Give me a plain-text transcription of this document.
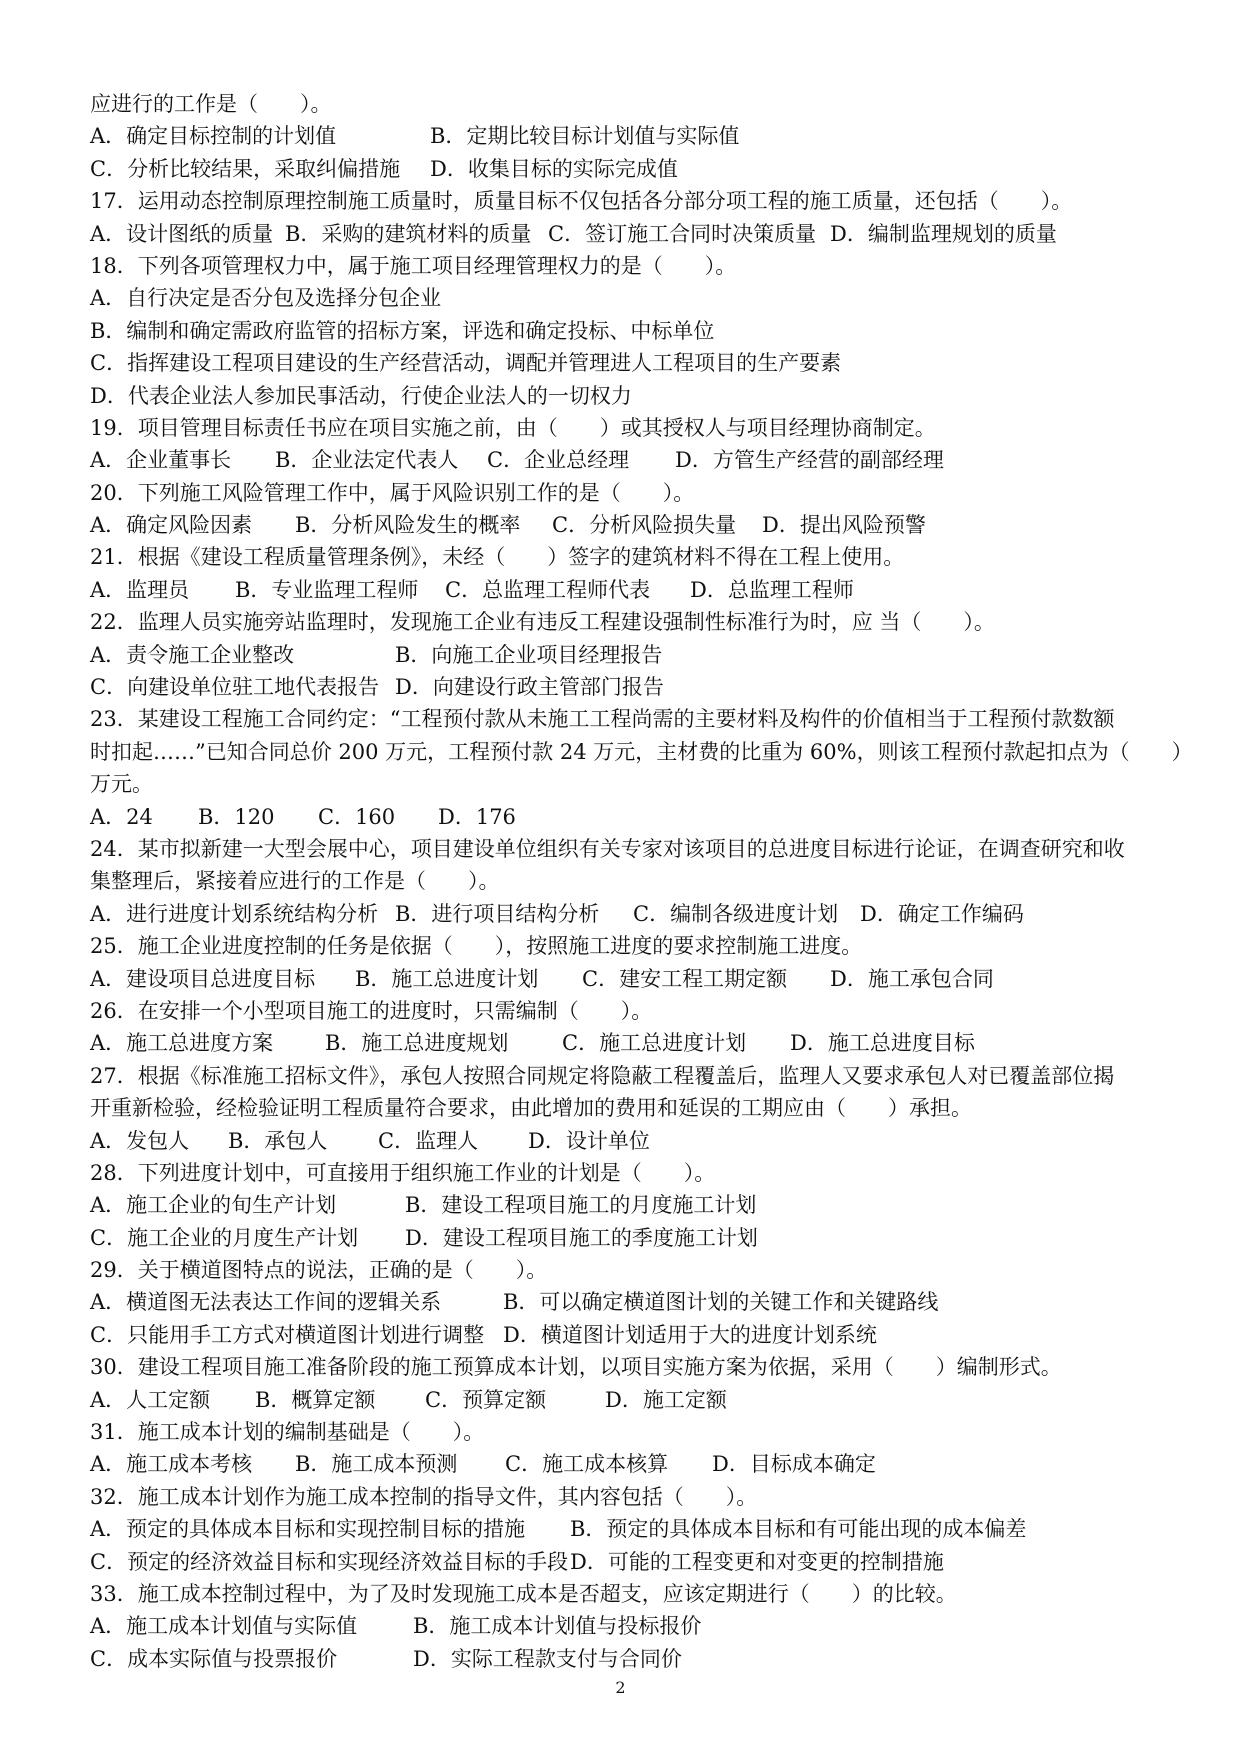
应进行的工作是（　　）。
A．确定目标控制的计划值	B．定期比较目标计划值与实际值
C．分析比较结果，采取纠偏措施 D．收集目标的实际完成值
17．运用动态控制原理控制施工质量时，质量目标不仅包括各分部分项工程的施工质量，还包括（　　）。
A．设计图纸的质量 B．采购的建筑材料的质量 C．签订施工合同时决策质量 D．编制监理规划的质量
18．下列各项管理权力中，属于施工项目经理管理权力的是（　　）。
A．自行决定是否分包及选择分包企业
B．编制和确定需政府监管的招标方案，评选和确定投标、中标单位
C．指挥建设工程项目建设的生产经营活动，调配并管理进人工程项目的生产要素
D．代表企业法人参加民事活动，行使企业法人的一切权力
19．项目管理目标责任书应在项目实施之前，由（　　）或其授权人与项目经理协商制定。
A．企业董事长 B．企业法定代表人 C．企业总经理 D．方管生产经营的副部经理
20．下列施工风险管理工作中，属于风险识别工作的是（　　）。
A．确定风险因素 B．分析风险发生的概率 C．分析风险损失量 D．提出风险预警
21．根据《建设工程质量管理条例》，未经（　　）签字的建筑材料不得在工程上使用。
A．监理员 B．专业监理工程师 C．总监理工程师代表 D．总监理工程师
22．监理人员实施旁站监理时，发现施工企业有违反工程建设强制性标准行为时，应 当（　　）。
A．责令施工企业整改	B．向施工企业项目经理报告
C．向建设单位驻工地代表报告 D．向建设行政主管部门报告
23．某建设工程施工合同约定：“工程预付款从未施工工程尚需的主要材料及构件的价值相当于工程预付款数额
时扣起……”已知合同总价 200 万元，工程预付款 24 万元，主材费的比重为 60%，则该工程预付款起扣点为（　　）
万元。
A．24 B．120 C．160 D．176
24．某市拟新建一大型会展中心，项目建设单位组织有关专家对该项目的总进度目标进行论证，在调查研究和收
集整理后，紧接着应进行的工作是（　　）。
A．进行进度计划系统结构分析 B．进行项目结构分析 C．编制各级进度计划 D．确定工作编码
25．施工企业进度控制的任务是依据（　　），按照施工进度的要求控制施工进度。
A．建设项目总进度目标 B．施工总进度计划 C．建安工程工期定额 D．施工承包合同
26．在安排一个小型项目施工的进度时，只需编制（　　）。
A．施工总进度方案 B．施工总进度规划	C．施工总进度计划 D．施工总进度目标
27．根据《标准施工招标文件》，承包人按照合同规定将隐蔽工程覆盖后，监理人又要求承包人对已覆盖部位揭
开重新检验，经检验证明工程质量符合要求，由此增加的费用和延误的工期应由（　　）承担。
A．发包人 B．承包人 C．监理人 D．设计单位
28．下列进度计划中，可直接用于组织施工作业的计划是（　　）。
A．施工企业的旬生产计划	B．建设工程项目施工的月度施工计划
C．施工企业的月度生产计划 D．建设工程项目施工的季度施工计划
29．关于横道图特点的说法，正确的是（　　）。
A．横道图无法表达工作间的逻辑关系	B．可以确定横道图计划的关键工作和关键路线
C．只能用手工方式对横道图计划进行调整 D．横道图计划适用于大的进度计划系统
30．建设工程项目施工准备阶段的施工预算成本计划，以项目实施方案为依据，采用（　　）编制形式。
A．人工定额 B．概算定额 C．预算定额	D．施工定额
31．施工成本计划的编制基础是（　　）。
A．施工成本考核 B．施工成本预测 C．施工成本核算 D．目标成本确定
32．施工成本计划作为施工成本控制的指导文件，其内容包括（　　）。
A．预定的具体成本目标和实现控制目标的措施 B．预定的具体成本目标和有可能出现的成本偏差
C．预定的经济效益目标和实现经济效益目标的手段 D．可能的工程变更和对变更的控制措施
33．施工成本控制过程中，为了及时发现施工成本是否超支，应该定期进行（　　）的比较。
A．施工成本计划值与实际值	B．施工成本计划值与投标报价
C．成本实际值与投票报价	D．实际工程款支付与合同价
2
